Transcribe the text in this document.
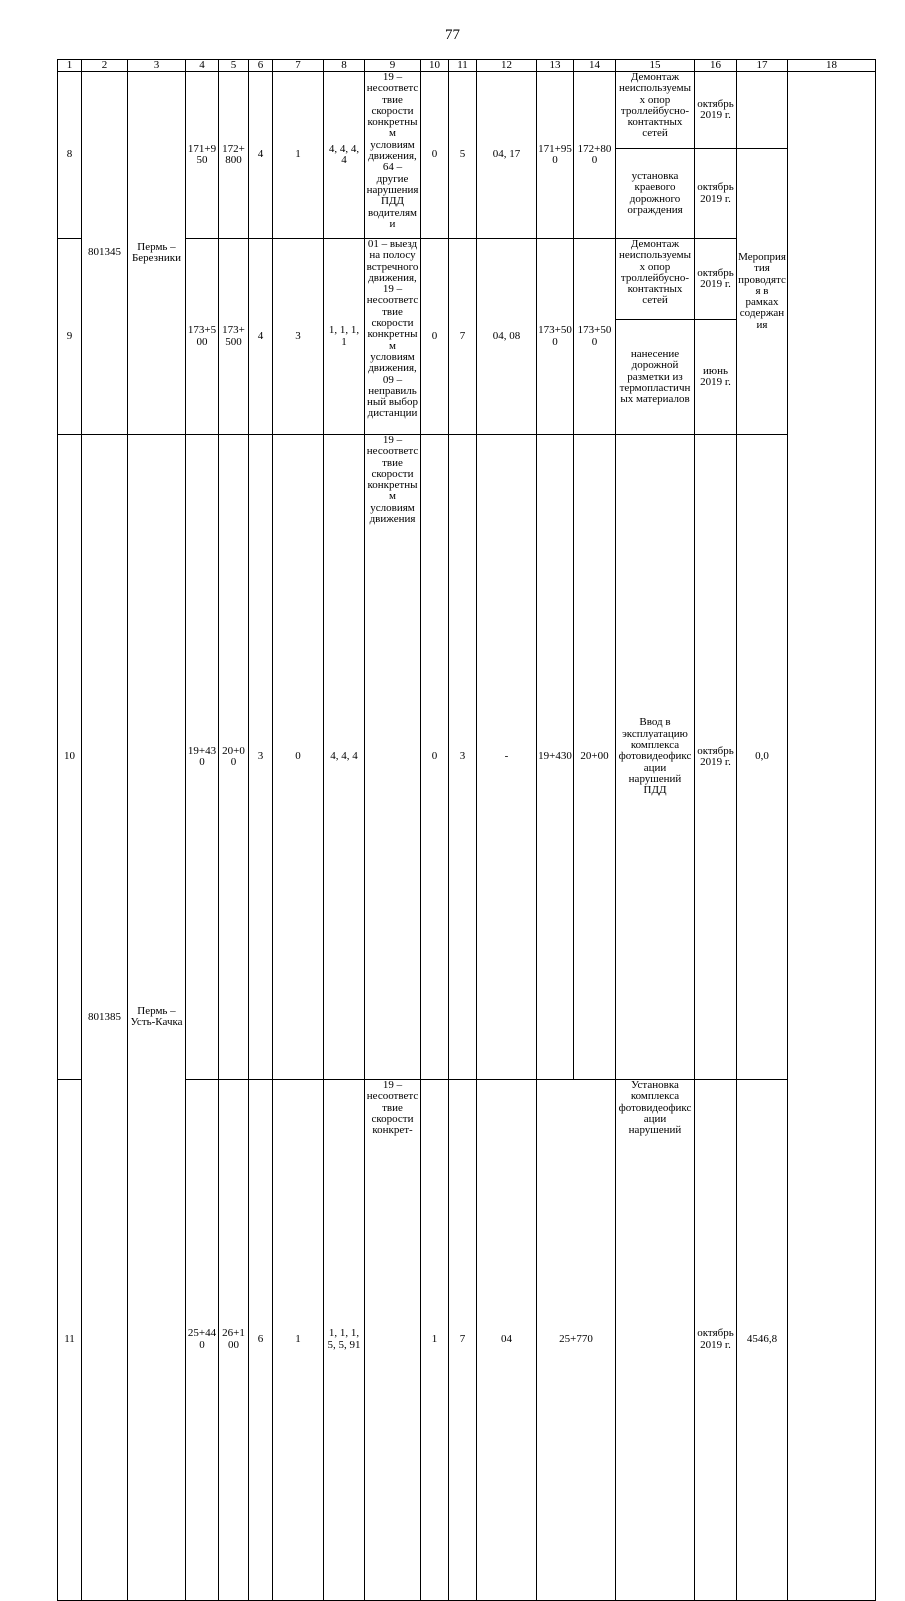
77
1	2	3	4	5	6	7	8	9	10	11	12	13	14	15	16	17	18	
8	801345	Пермь – Березники	171+950	172+800	4	1	4, 4, 4, 4	19 – несоответствие скорости конкретным условиям движения, 64 – другие нарушения ПДД водителями	0	5	04, 17	171+950	172+800	Демонтаж неиспользуемых опор троллейбусно-контактных сетей	октябрь 2019 г.			
														установка краевого дорожного ограждения	октябрь 2019 г.	Мероприятия проводятся в рамках содержания		
9			173+500	173+500	4	3	1, 1, 1, 1	01 – выезд на полосу встречного движения, 19 – несоответствие скорости конкретным условиям движения, 09 – неправильный выбор дистанции	0	7	04, 08	173+500	173+500	Демонтаж неиспользуемых опор троллейбусно-контактных сетей	октябрь 2019 г.			
														нанесение дорожной разметки из термопластичных материалов	июнь 2019 г.			
10	801385	Пермь – Усть-Качка	19+430	20+00	3	0	4, 4, 4	19 – несоответствие скорости конкретным условиям движения	0	3	-	19+430	20+00	Ввод в эксплуатацию комплекса фотовидеофиксации нарушений ПДД	октябрь 2019 г.	0,0	
11			25+440	26+100	6	1	1, 1, 1, 5, 5, 91	19 – несоответствие скорости конкрет-	1	7	04	25+770		Установка комплекса фотовидеофиксации нарушений	октябрь 2019 г.	4546,8	
